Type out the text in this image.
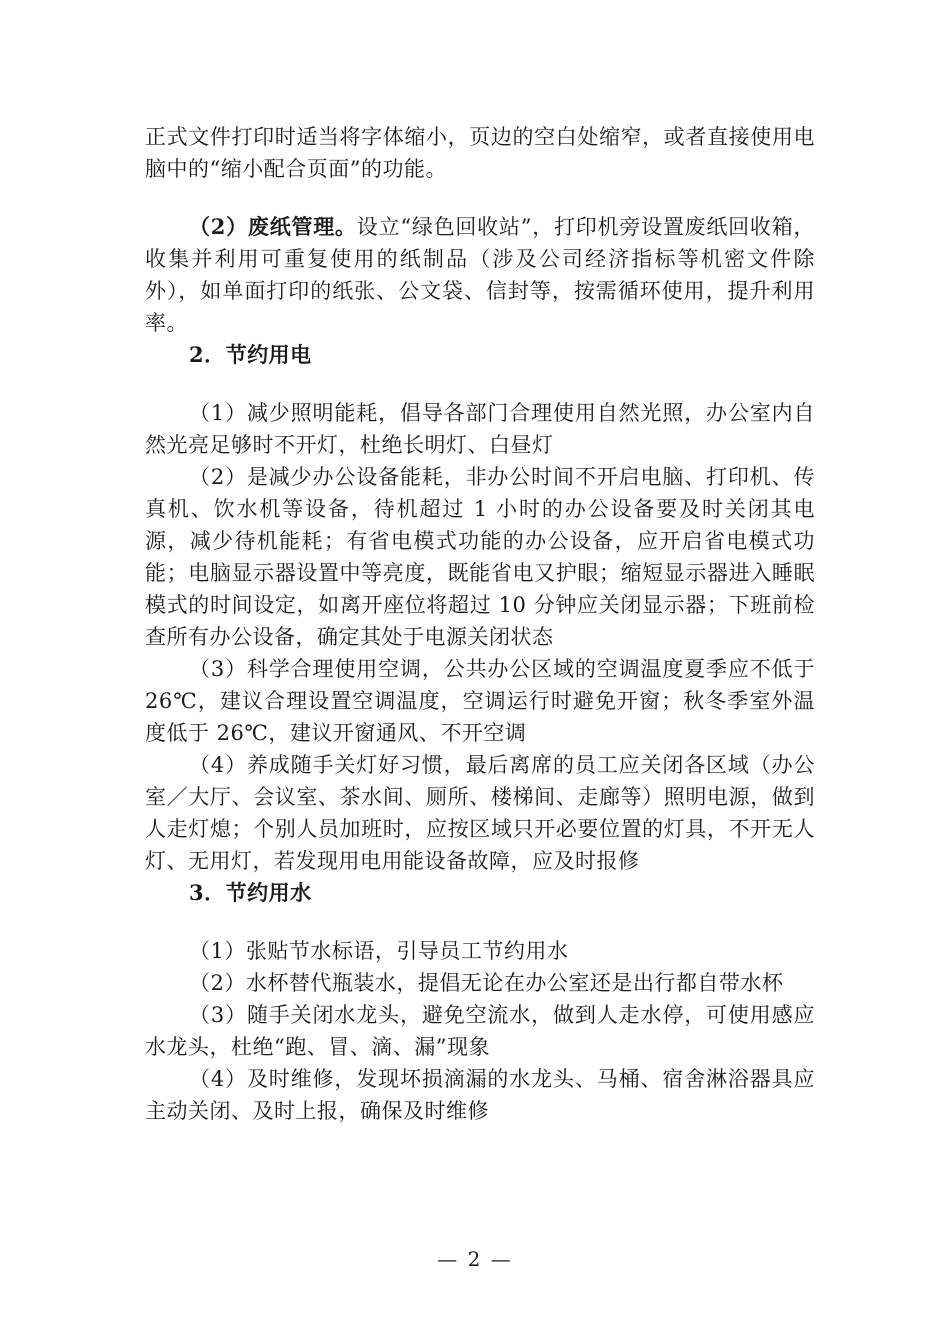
正式文件打印时适当将字体缩小，页边的空白处缩窄，或者直接使用电脑中的“缩小配合页面”的功能。

（2）废纸管理。设立“绿色回收站”，打印机旁设置废纸回收箱，收集并利用可重复使用的纸制品（涉及公司经济指标等机密文件除外），如单面打印的纸张、公文袋、信封等，按需循环使用，提升利用率。

2．节约用电

（1）减少照明能耗，倡导各部门合理使用自然光照，办公室内自然光亮足够时不开灯，杜绝长明灯、白昼灯

（2）是减少办公设备能耗，非办公时间不开启电脑、打印机、传真机、饮水机等设备，待机超过 1 小时的办公设备要及时关闭其电源，减少待机能耗；有省电模式功能的办公设备，应开启省电模式功能；电脑显示器设置中等亮度，既能省电又护眼；缩短显示器进入睡眠模式的时间设定，如离开座位将超过 10 分钟应关闭显示器；下班前检查所有办公设备，确定其处于电源关闭状态

（3）科学合理使用空调，公共办公区域的空调温度夏季应不低于 26℃，建议合理设置空调温度，空调运行时避免开窗；秋冬季室外温度低于 26℃，建议开窗通风、不开空调

（4）养成随手关灯好习惯，最后离席的员工应关闭各区域（办公室／大厅、会议室、茶水间、厕所、楼梯间、走廊等）照明电源，做到人走灯熄；个别人员加班时，应按区域只开必要位置的灯具，不开无人灯、无用灯，若发现用电用能设备故障，应及时报修

3．节约用水

（1）张贴节水标语，引导员工节约用水

（2）水杯替代瓶装水，提倡无论在办公室还是出行都自带水杯

（3）随手关闭水龙头，避免空流水，做到人走水停，可使用感应水龙头，杜绝“跑、冒、滴、漏”现象

（4）及时维修，发现坏损滴漏的水龙头、马桶、宿舍淋浴器具应主动关闭、及时上报，确保及时维修

— 2 —
